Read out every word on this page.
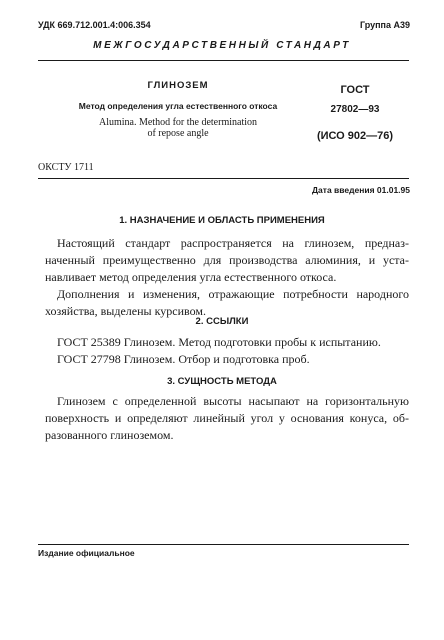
УДК 669.712.001.4:006.354	Группа А39
МЕЖГОСУДАРСТВЕННЫЙ СТАНДАРТ
ГЛИНОЗЕМ
Метод определения угла естественного откоса
Alumina. Method for the determination
of repose angle
ГОСТ
27802—93
(ИСО 902—76)
ОКСТУ 1711
Дата введения 01.01.95
1. НАЗНАЧЕНИЕ И ОБЛАСТЬ ПРИМЕНЕНИЯ
Настоящий стандарт распространяется на глинозем, предназ-
наченный преимущественно для производства алюминия, и уста-
навливает метод определения угла естественного откоса.
Дополнения и изменения, отражающие потребности народного
хозяйства, выделены курсивом.
2. ССЫЛКИ
ГОСТ 25389 Глинозем. Метод подготовки пробы к испытанию.
ГОСТ 27798 Глинозем. Отбор и подготовка проб.
3. СУЩНОСТЬ МЕТОДА
Глинозем с определенной высоты насыпают на горизонтальную
поверхность и определяют линейный угол у основания конуса, об-
разованного глиноземом.
Издание официальное
